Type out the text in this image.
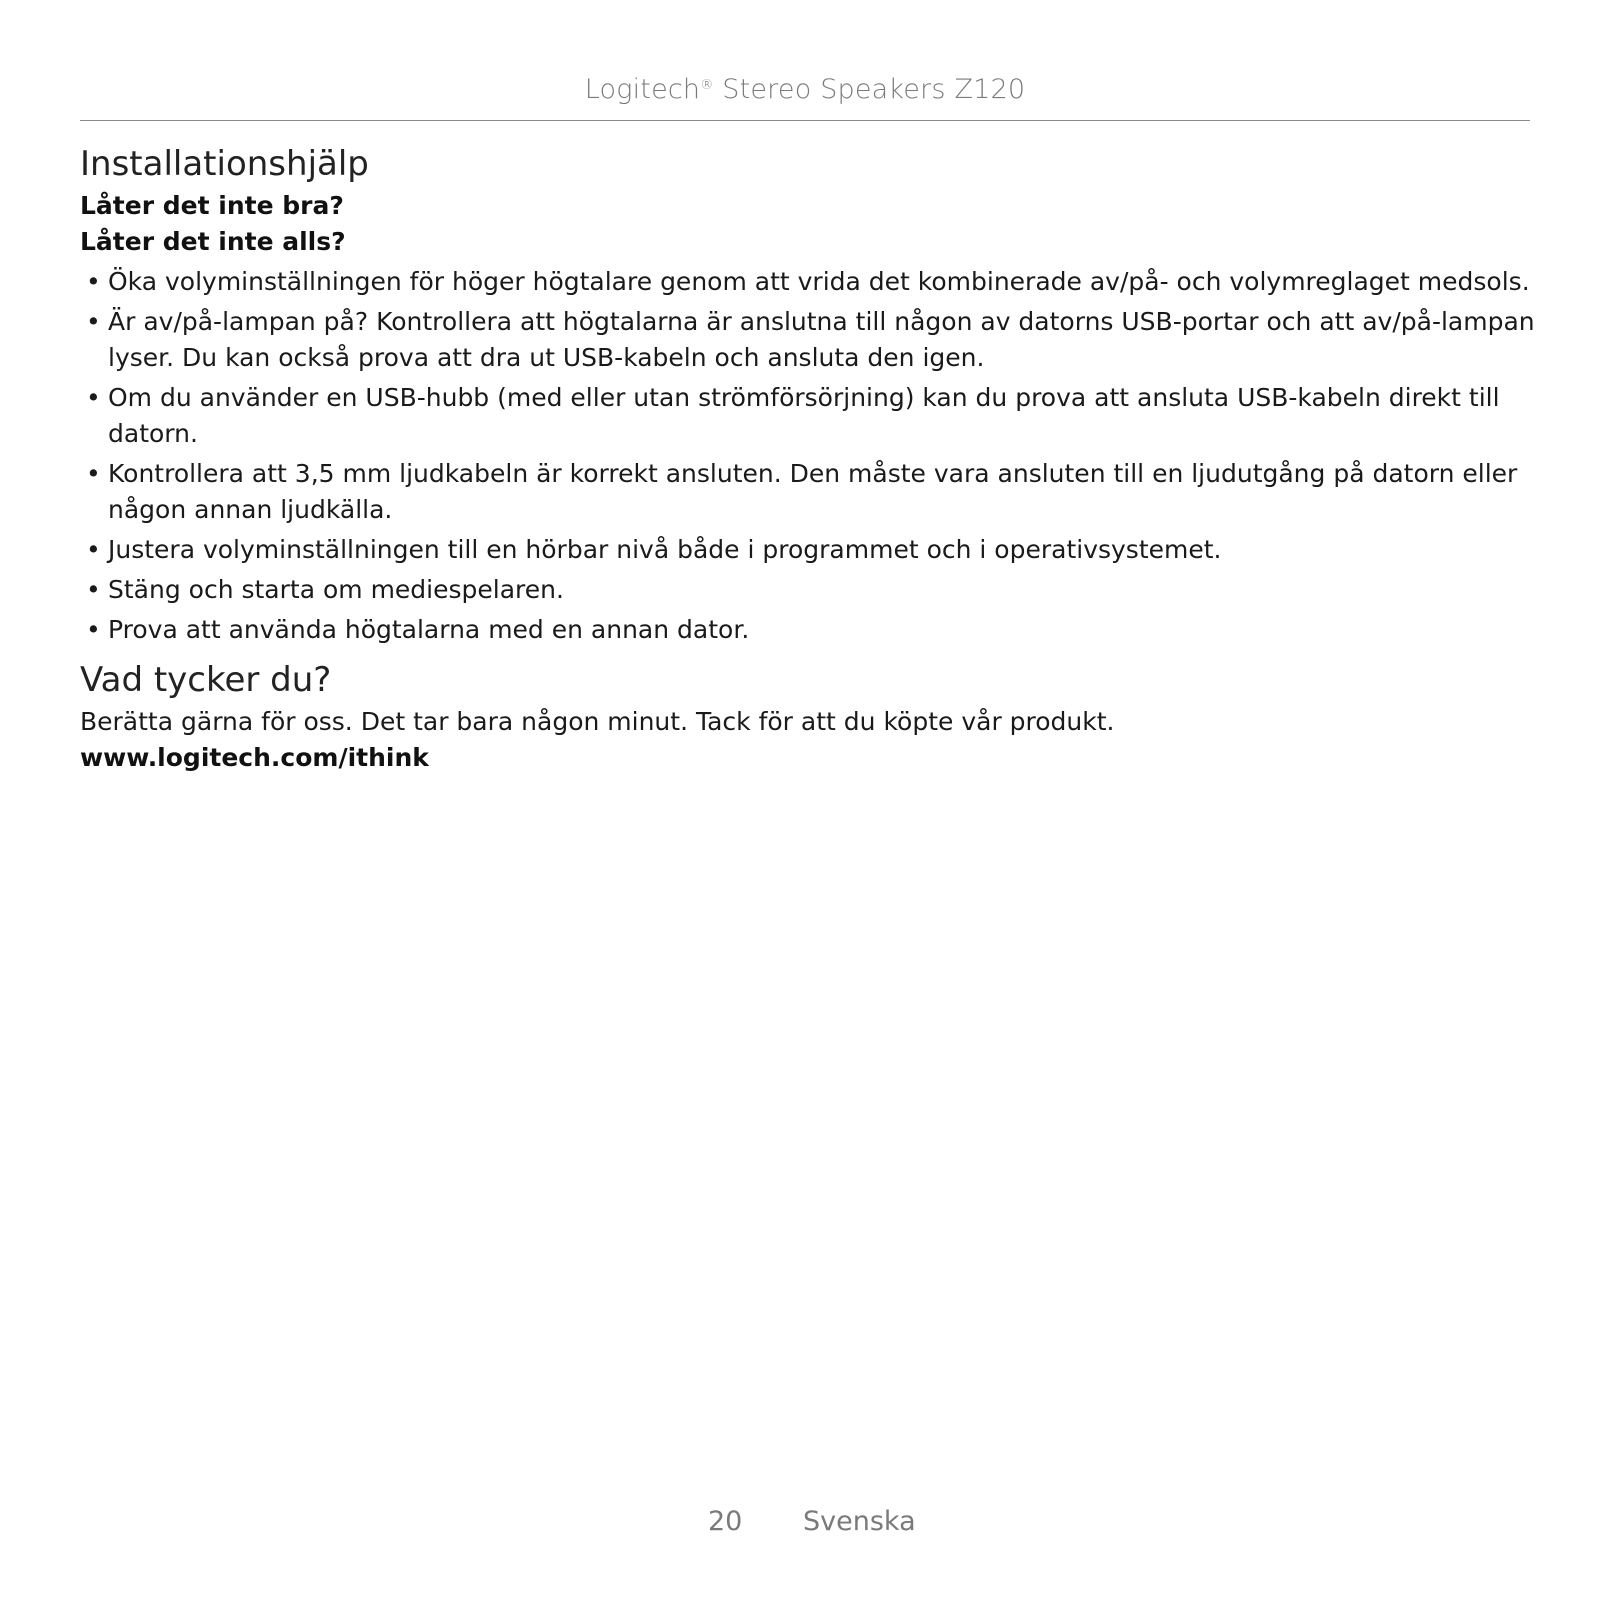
Logitech® Stereo Speakers Z120
Installationshjälp
Låter det inte bra?
Låter det inte alls?
• Öka volyminställningen för höger högtalare genom att vrida det kombinerade av/på- och volymreglaget medsols.
• Är av/på-lampan på? Kontrollera att högtalarna är anslutna till någon av datorns USB-portar och att av/på-lampan lyser. Du kan också prova att dra ut USB-kabeln och ansluta den igen.
• Om du använder en USB-hubb (med eller utan strömförsörjning) kan du prova att ansluta USB-kabeln direkt till datorn.
• Kontrollera att 3,5 mm ljudkabeln är korrekt ansluten. Den måste vara ansluten till en ljudutgång på datorn eller någon annan ljudkälla.
• Justera volyminställningen till en hörbar nivå både i programmet och i operativsystemet.
• Stäng och starta om mediespelaren.
• Prova att använda högtalarna med en annan dator.
Vad tycker du?
Berätta gärna för oss. Det tar bara någon minut. Tack för att du köpte vår produkt.
www.logitech.com/ithink
20 Svenska
